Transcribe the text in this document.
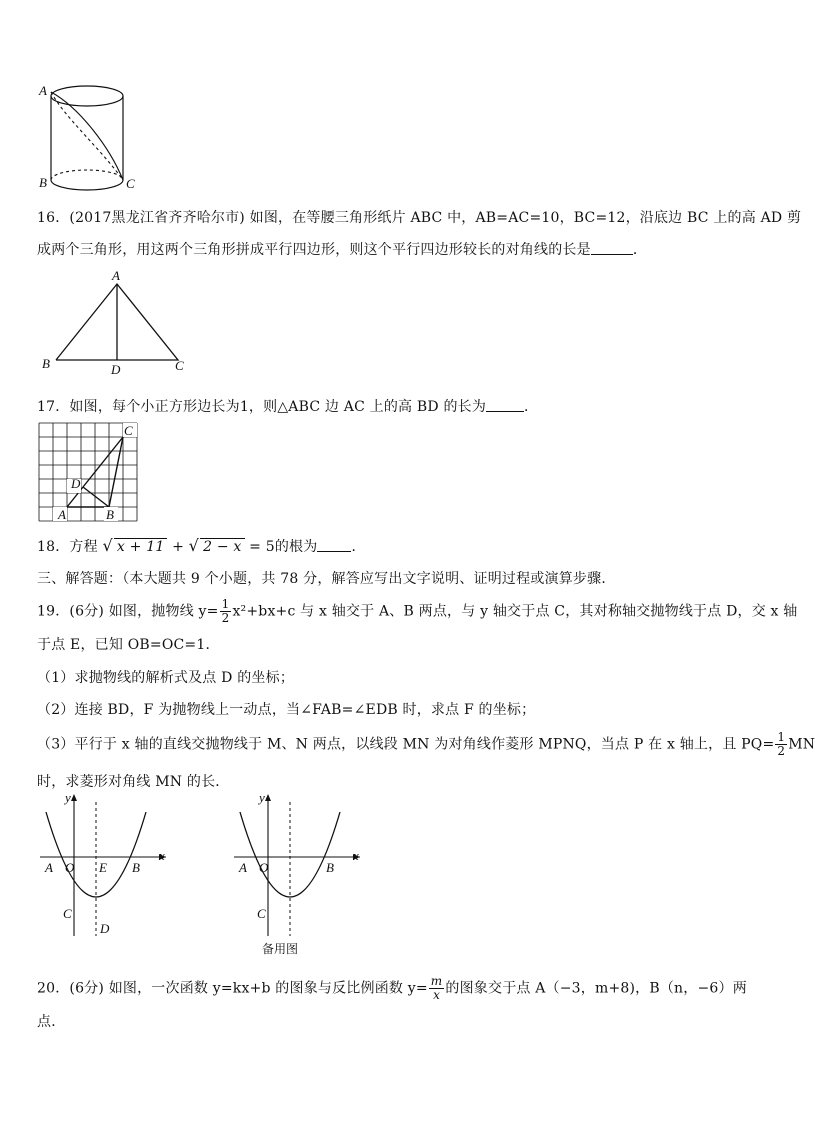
A
B	C
16．(2017黑龙江省齐齐哈尔市) 如图，在等腰三角形纸片 ABC 中，AB=AC=10，BC=12，沿底边 BC 上的高 AD 剪
成两个三角形，用这两个三角形拼成平行四边形，则这个平行四边形较长的对角线的长是	．
A
B	D	C
17．如图，每个小正方形边长为1，则△ABC 边 AC 上的高 BD 的长为	．
C
D
A	B
18．方程 √ x + 11 + √ 2 − x = 5的根为 ．
三、解答题：（本大题共 9 个小题，共 78 分，解答应写出文字说明、证明过程或演算步骤．
19．(6分) 如图，抛物线 $y= \frac{1}{2} x^2+bx+c$ 与 x 轴交于 A、B 两点，与 y 轴交于点 C，其对称轴交抛物线于点 D，交 x 轴
于点 E，已知 OB=OC=1．
（1）求抛物线的解析式及点 D 的坐标；
（2）连接 BD，F 为抛物线上一动点，当∠FAB=∠EDB 时，求点 F 的坐标；
（3）平行于 x 轴的直线交抛物线于 M、N 两点，以线段 MN 为对角线作菱形 MPNQ，当点 P 在 x 轴上，且 $PQ= \frac{1}{2}$ MN
时，求菱形对角线 MN 的长．
y
x
A O E B
C
D
y
x
A O	B
C
备用图
20．(6分) 如图，一次函数 y=kx+b 的图象与反比例函数 $y= \frac{m}{x}$ 的图象交于点 A（−3，m+8)，B（n，−6）两
点．
